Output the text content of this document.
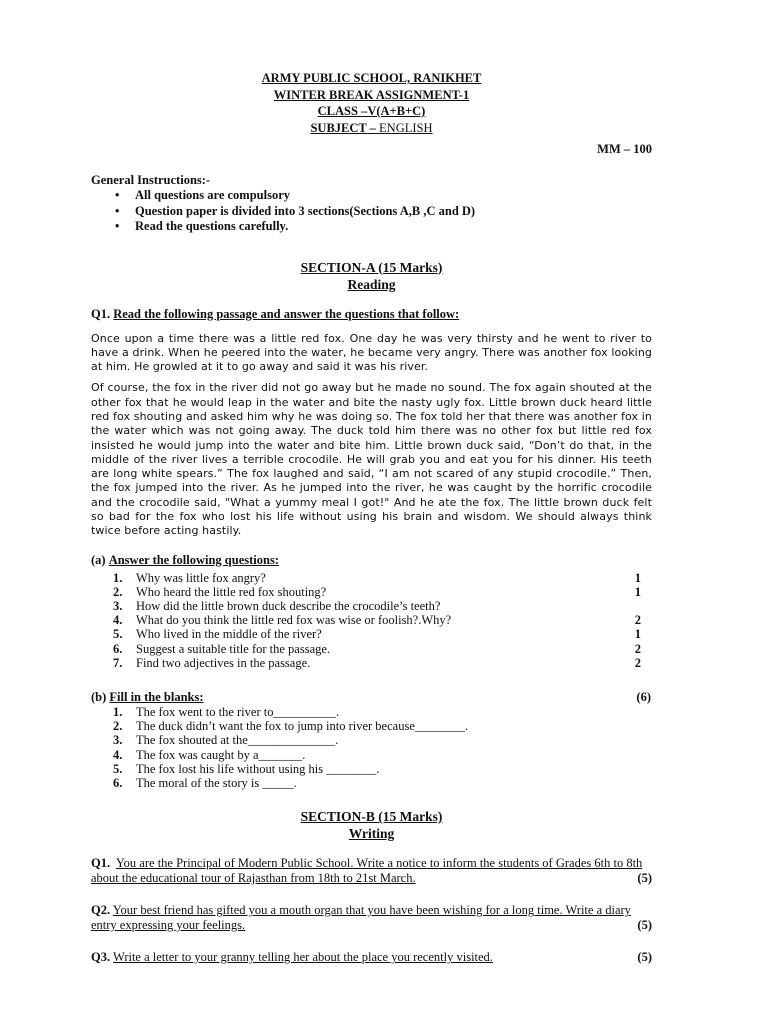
ARMY PUBLIC SCHOOL, RANIKHET
WINTER BREAK ASSIGNMENT-1
CLASS –V(A+B+C)
SUBJECT – ENGLISH
MM – 100
General Instructions:-
• All questions are compulsory
• Question paper is divided into 3 sections(Sections A,B ,C and D)
• Read the questions carefully.
SECTION-A (15 Marks)
Reading
Q1. Read the following passage and answer the questions that follow:
Once upon a time there was a little red fox. One day he was very thirsty and he went to river to have a drink. When he peered into the water, he became very angry. There was another fox looking at him. He growled at it to go away and said it was his river.
Of course, the fox in the river did not go away but he made no sound. The fox again shouted at the other fox that he would leap in the water and bite the nasty ugly fox. Little brown duck heard little red fox shouting and asked him why he was doing so. The fox told her that there was another fox in the water which was not going away. The duck told him there was no other fox but little red fox insisted he would jump into the water and bite him. Little brown duck said, “Don’t do that, in the middle of the river lives a terrible crocodile. He will grab you and eat you for his dinner. His teeth are long white spears.” The fox laughed and said, “I am not scared of any stupid crocodile.” Then, the fox jumped into the river. As he jumped into the river, he was caught by the horrific crocodile and the crocodile said, "What a yummy meal I got!" And he ate the fox. The little brown duck felt so bad for the fox who lost his life without using his brain and wisdom. We should always think twice before acting hastily.
(a) Answer the following questions:
1. Why was little fox angry?	1
2. Who heard the little red fox shouting?	1
3. How did the little brown duck describe the crocodile’s teeth?
4. What do you think the little red fox was wise or foolish?.Why?	2
5. Who lived in the middle of the river?	1
6. Suggest a suitable title for the passage.	2
7. Find two adjectives in the passage.	2
(b) Fill in the blanks:	(6)
1. The fox went to the river to__________.
2. The duck didn’t want the fox to jump into river because________.
3. The fox shouted at the______________.
4. The fox was caught by a_______.
5. The fox lost his life without using his ________.
6. The moral of the story is _____.
SECTION-B (15 Marks)
Writing
Q1. You are the Principal of Modern Public School. Write a notice to inform the students of Grades 6th to 8th about the educational tour of Rajasthan from 18th to 21st March.	(5)
Q2. Your best friend has gifted you a mouth organ that you have been wishing for a long time. Write a diary entry expressing your feelings.	(5)
Q3. Write a letter to your granny telling her about the place you recently visited.	(5)
